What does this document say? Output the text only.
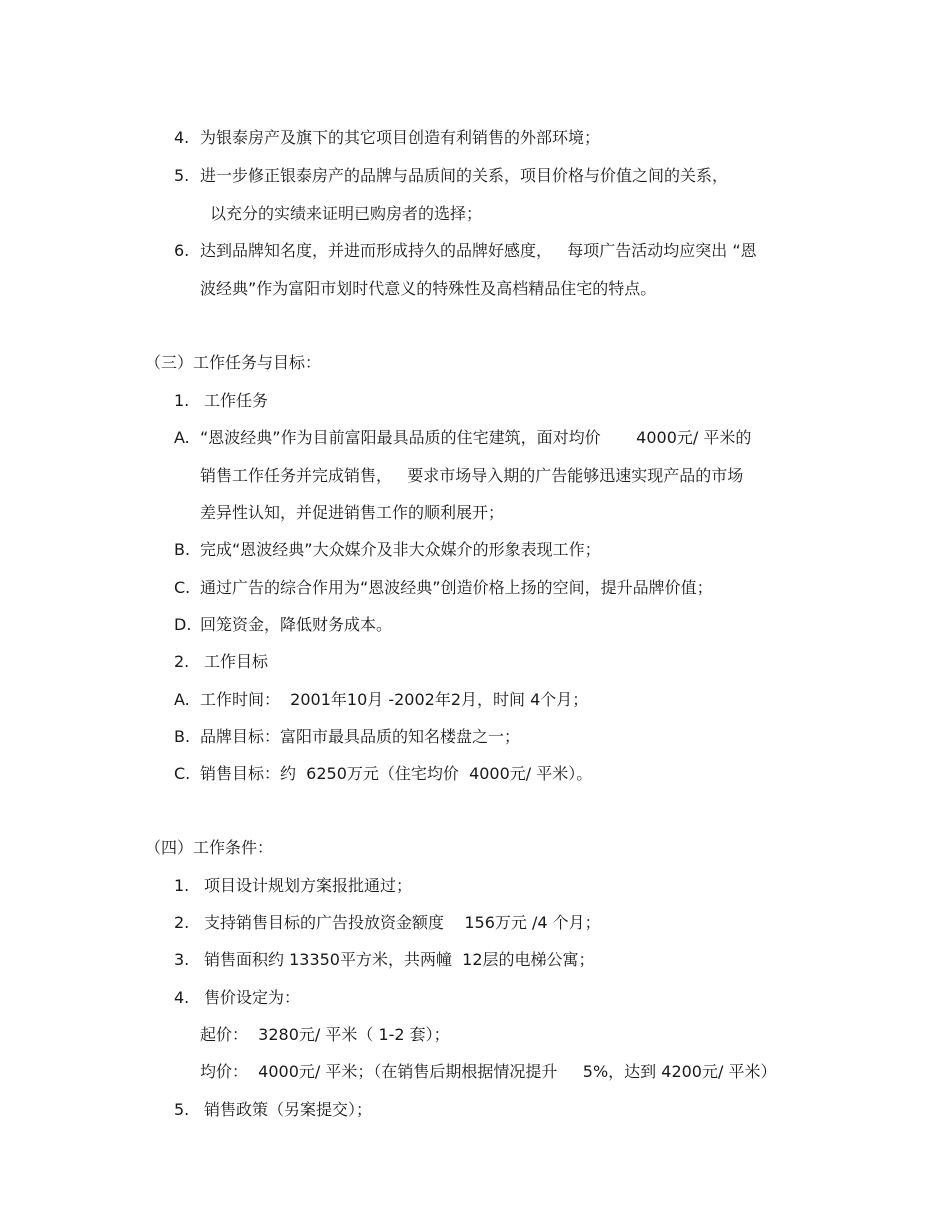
4. 为银泰房产及旗下的其它项目创造有利销售的外部环境；
5. 进一步修正银泰房产的品牌与品质间的关系，项目价格与价值之间的关系，
以充分的实绩来证明已购房者的选择；
6. 达到品牌知名度，并进而形成持久的品牌好感度，   每项广告活动均应突出 “恩
波经典”作为富阳市划时代意义的特殊性及高档精品住宅的特点。
（三）工作任务与目标：
1. 工作任务
A. “恩波经典”作为目前富阳最具品质的住宅建筑，面对均价       4000元/ 平米的
销售工作任务并完成销售，   要求市场导入期的广告能够迅速实现产品的市场
差异性认知，并促进销售工作的顺利展开；
B. 完成“恩波经典”大众媒介及非大众媒介的形象表现工作；
C. 通过广告的综合作用为“恩波经典”创造价格上扬的空间，提升品牌价值；
D. 回笼资金，降低财务成本。
2. 工作目标
A. 工作时间：  2001年10月 -2002年2月，时间 4个月；
B. 品牌目标：富阳市最具品质的知名楼盘之一；
C. 销售目标：约  6250万元（住宅均价  4000元/ 平米）。
（四）工作条件：
1. 项目设计规划方案报批通过；
2. 支持销售目标的广告投放资金额度    156万元 /4 个月；
3. 销售面积约 13350平方米，共两幢  12层的电梯公寓；
4. 售价设定为：
起价：  3280元/ 平米（ 1-2 套）；
均价：  4000元/ 平米；（在销售后期根据情况提升     5%，达到 4200元/ 平米）
5. 销售政策（另案提交）；
